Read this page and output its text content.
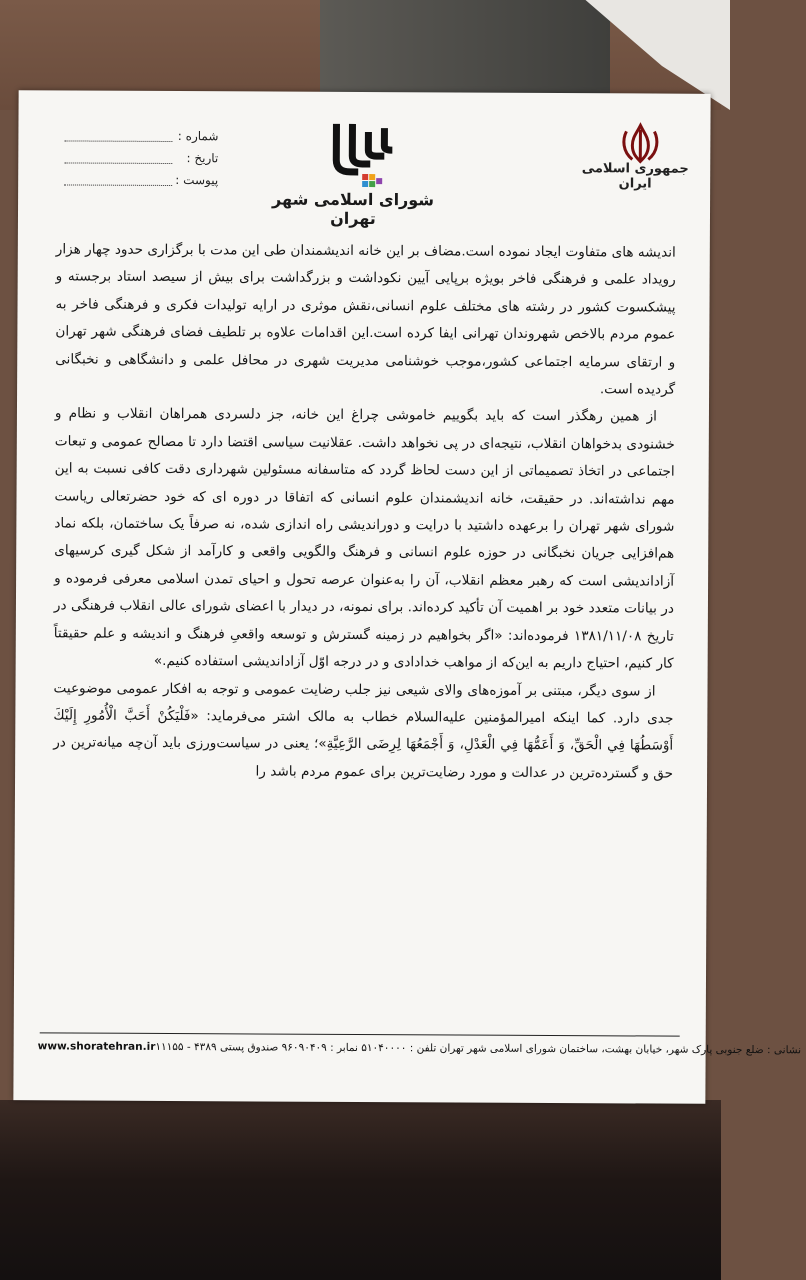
جمهوری اسلامی ایران
شورای اسلامی شهر تهران
شماره :
تاریخ :
پیوست :

اندیشه های متفاوت ایجاد نموده است.مضاف بر این خانه اندیشمندان طی این مدت با برگزاری حدود چهار هزار رویداد علمی و فرهنگی فاخر بویژه برپایی آیین نکوداشت و بزرگداشت برای بیش از سیصد استاد برجسته و پیشکسوت کشور در رشته های مختلف علوم انسانی،نقش موثری در ارایه تولیدات فکری و فرهنگی فاخر به عموم مردم بالاخص شهروندان تهرانی ایفا کرده است.این اقدامات علاوه بر تلطیف فضای فرهنگی شهر تهران و ارتقای سرمایه اجتماعی کشور،موجب خوشنامی مدیریت شهری در محافل علمی و دانشگاهی و نخبگانی گردیده است.

از همین رهگذر است که باید بگوییم خاموشی چراغ این خانه، جز دلسردی همراهان انقلاب و نظام و خشنودی بدخواهان انقلاب، نتیجه‌ای در پی نخواهد داشت. عقلانیت سیاسی اقتضا دارد تا مصالح عمومی و تبعات اجتماعی در اتخاذ تصمیماتی از این دست لحاظ گردد که متاسفانه مسئولین شهرداری دقت کافی نسبت به این مهم نداشته‌اند. در حقیقت، خانه اندیشمندان علوم انسانی که اتفاقا در دوره ای که خود حضرتعالی ریاست شورای شهر تهران را برعهده داشتید با درایت و دوراندیشی راه اندازی شده، نه صرفاً یک ساختمان، بلکه نماد هم‌افزایی جریان نخبگانی در حوزه علوم انسانی و فرهنگ والگویی واقعی و کارآمد از شکل گیری کرسیهای آزاداندیشی است که رهبر معظم انقلاب، آن را به‌عنوان عرصه تحول و احیای تمدن اسلامی معرفی فرموده و در بیانات متعدد خود بر اهمیت آن تأکید کرده‌اند. برای نمونه، در دیدار با اعضای شورای عالی انقلاب فرهنگی در تاریخ ۱۳۸۱/۱۱/۰۸ فرموده‌اند: «اگر بخواهیم در زمینه گسترش و توسعه واقعیِ فرهنگ و اندیشه و علم حقیقتاً کار کنیم، احتیاج داریم به این‌که از مواهب خدادادی و در درجه اوّل آزاداندیشی استفاده کنیم.»

از سوی دیگر، مبتنی بر آموزه‌های والای شیعی نیز جلب رضایت عمومی و توجه به افکار عمومی موضوعیت جدی دارد. کما اینکه امیرالمؤمنین علیه‌السلام خطاب به مالک اشتر می‌فرماید: «فَلْيَكُنْ أَحَبَّ الْأُمُورِ إِلَيْكَ أَوْسَطُهَا فِي الْحَقِّ، وَ أَعَمُّهَا فِي الْعَدْلِ، وَ أَجْمَعُهَا لِرِضَى الرَّعِيَّةِ»؛ یعنی در سیاست‌ورزی باید آن‌چه میانه‌ترین در حق و گسترده‌ترین در عدالت و مورد رضایت‌ترین برای عموم مردم باشد را

www.shoratehran.ir نشانی : ضلع جنوبی پارک شهر، خیابان بهشت، ساختمان شورای اسلامی شهر تهران تلفن : ۵۱۰۴۰۰۰۰ نمابر : ۹۶۰۹۰۴۰۹ صندوق پستی ۴۳۸۹ - ۱۱۱۵۵
